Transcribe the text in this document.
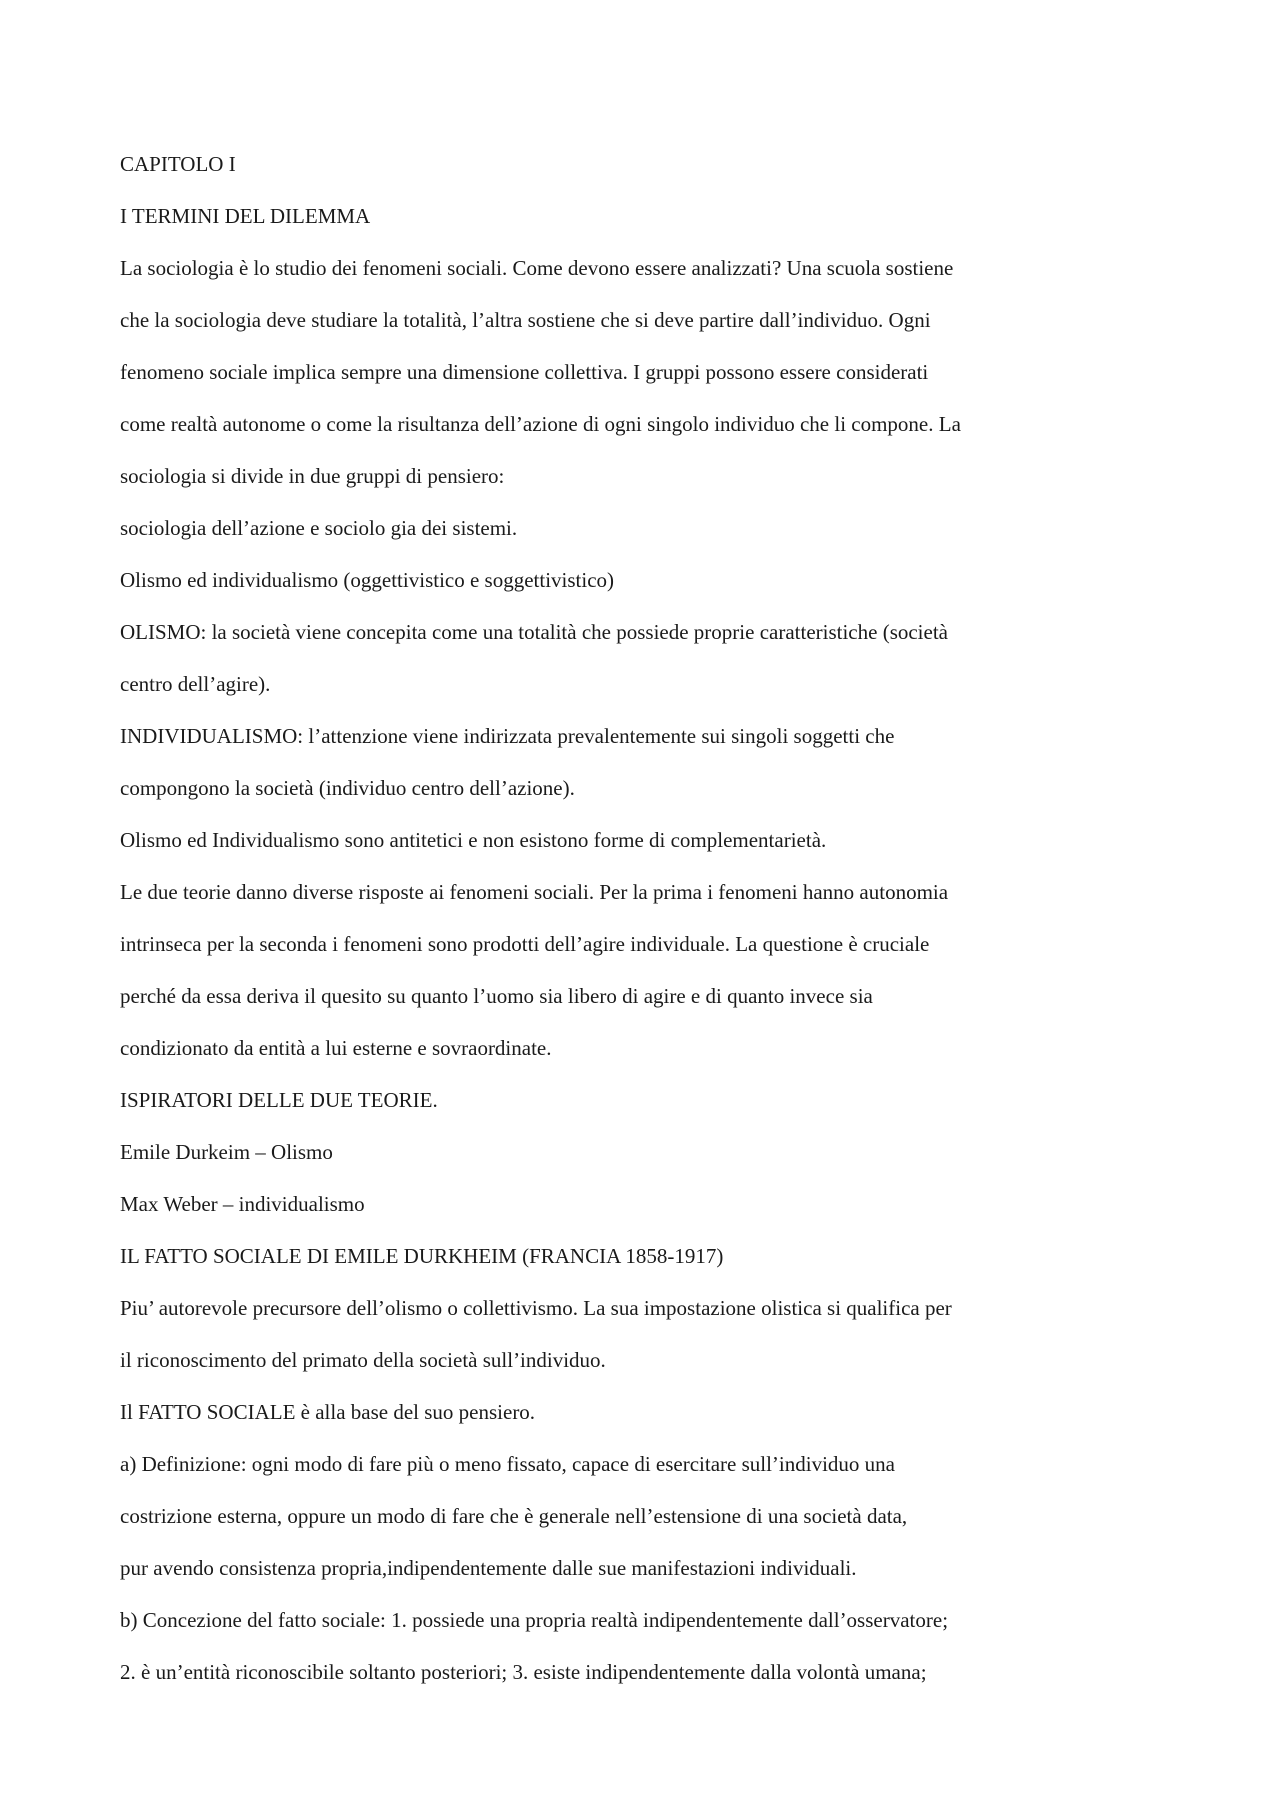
CAPITOLO I
I TERMINI DEL DILEMMA
La sociologia è lo studio dei fenomeni sociali. Come devono essere analizzati? Una scuola sostiene
che la sociologia deve studiare la totalità, l’altra sostiene che si deve partire dall’individuo. Ogni
fenomeno sociale implica sempre una dimensione collettiva. I gruppi possono essere considerati
come realtà autonome o come la risultanza dell’azione di ogni singolo individuo che li compone. La
sociologia si divide in due gruppi di pensiero:
sociologia dell’azione e sociolo gia dei sistemi.
Olismo ed individualismo (oggettivistico e soggettivistico)
OLISMO: la società viene concepita come una totalità che possiede proprie caratteristiche (società
centro dell’agire).
INDIVIDUALISMO: l’attenzione viene indirizzata prevalentemente sui singoli soggetti che
compongono la società (individuo centro dell’azione).
Olismo ed Individualismo sono antitetici e non esistono forme di complementarietà.
Le due teorie danno diverse risposte ai fenomeni sociali. Per la prima i fenomeni hanno autonomia
intrinseca per la seconda i fenomeni sono prodotti dell’agire individuale. La questione è cruciale
perché da essa deriva il quesito su quanto l’uomo sia libero di agire e di quanto invece sia
condizionato da entità a lui esterne e sovraordinate.
ISPIRATORI DELLE DUE TEORIE.
Emile Durkeim – Olismo
Max Weber – individualismo
IL FATTO SOCIALE DI EMILE DURKHEIM (FRANCIA 1858-1917)
Piu’ autorevole precursore dell’olismo o collettivismo. La sua impostazione olistica si qualifica per
il riconoscimento del primato della società sull’individuo.
Il FATTO SOCIALE è alla base del suo pensiero.
a) Definizione: ogni modo di fare più o meno fissato, capace di esercitare sull’individuo una
costrizione esterna, oppure un modo di fare che è generale nell’estensione di una società data,
pur avendo consistenza propria,indipendentemente dalle sue manifestazioni individuali.
b) Concezione del fatto sociale: 1. possiede una propria realtà indipendentemente dall’osservatore;
2. è un’entità riconoscibile soltanto posteriori; 3. esiste indipendentemente dalla volontà umana;
